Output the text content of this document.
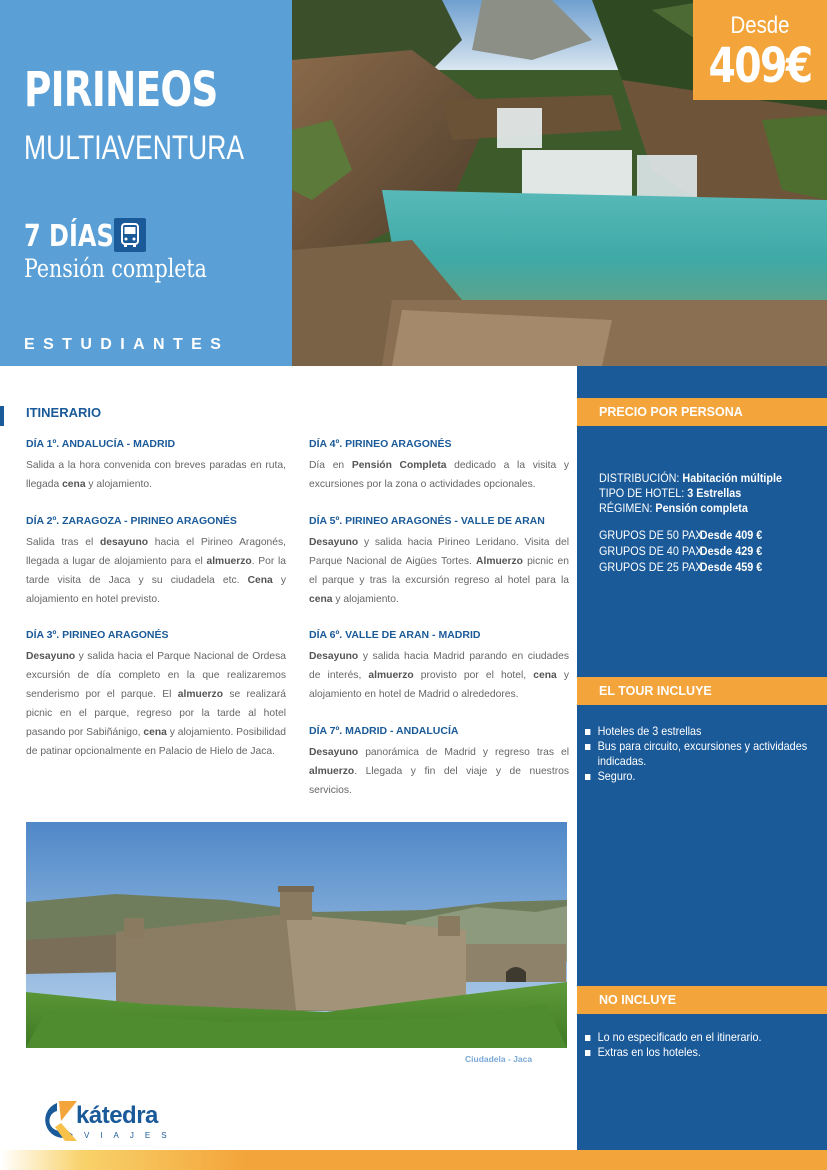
PIRINEOS
MULTIAVENTURA
7 DÍAS
Pensión completa
ESTUDIANTES
Desde
409€
ITINERARIO
DÍA 1º. ANDALUCÍA - MADRID
Salida a la hora convenida con breves paradas en ruta, llegada cena y alojamiento.
DÍA 2º. ZARAGOZA - PIRINEO ARAGONÉS
Salida tras el desayuno hacia el Pirineo Aragonés, llegada a lugar de alojamiento para el almuerzo. Por la tarde visita de Jaca y su ciudadela etc. Cena y alojamiento en hotel previsto.
DÍA 3º. PIRINEO ARAGONÉS
Desayuno y salida hacia el Parque Nacional de Ordesa excursión de día completo en la que realizaremos senderismo por el parque. El almuerzo se realizará picnic en el parque, regreso por la tarde al hotel pasando por Sabiñánigo, cena y alojamiento. Posibilidad de patinar opcionalmente en Palacio de Hielo de Jaca.
DÍA 4º. PIRINEO ARAGONÉS
Día en Pensión Completa dedicado a la visita y excursiones por la zona o actividades opcionales.
DÍA 5º. PIRINEO ARAGONÉS - VALLE DE ARAN
Desayuno y salida hacia Pirineo Leridano. Visita del Parque Nacional de Aigües Tortes. Almuerzo picnic en el parque y tras la excursión regreso al hotel para la cena y alojamiento.
DÍA 6º. VALLE DE ARAN - MADRID
Desayuno y salida hacia Madrid parando en ciudades de interés, almuerzo provisto por el hotel, cena y alojamiento en hotel de Madrid o alrededores.
DÍA 7º. MADRID - ANDALUCÍA
Desayuno panorámica de Madrid y regreso tras el almuerzo. Llegada y fin del viaje y de nuestros servicios.
Ciudadela - Jaca
kátedra
VIAJES
PRECIO POR PERSONA
DISTRIBUCIÓN: Habitación múltiple
TIPO DE HOTEL: 3 Estrellas
RÉGIMEN: Pensión completa
GRUPOS DE 50 PAX.Desde 409 €
GRUPOS DE 40 PAX.Desde 429 €
GRUPOS DE 25 PAX.Desde 459 €
EL TOUR INCLUYE
Hoteles de 3 estrellas
Bus para circuito, excursiones y actividades indicadas.
Seguro.
NO INCLUYE
Lo no especificado en el itinerario.
Extras en los hoteles.
